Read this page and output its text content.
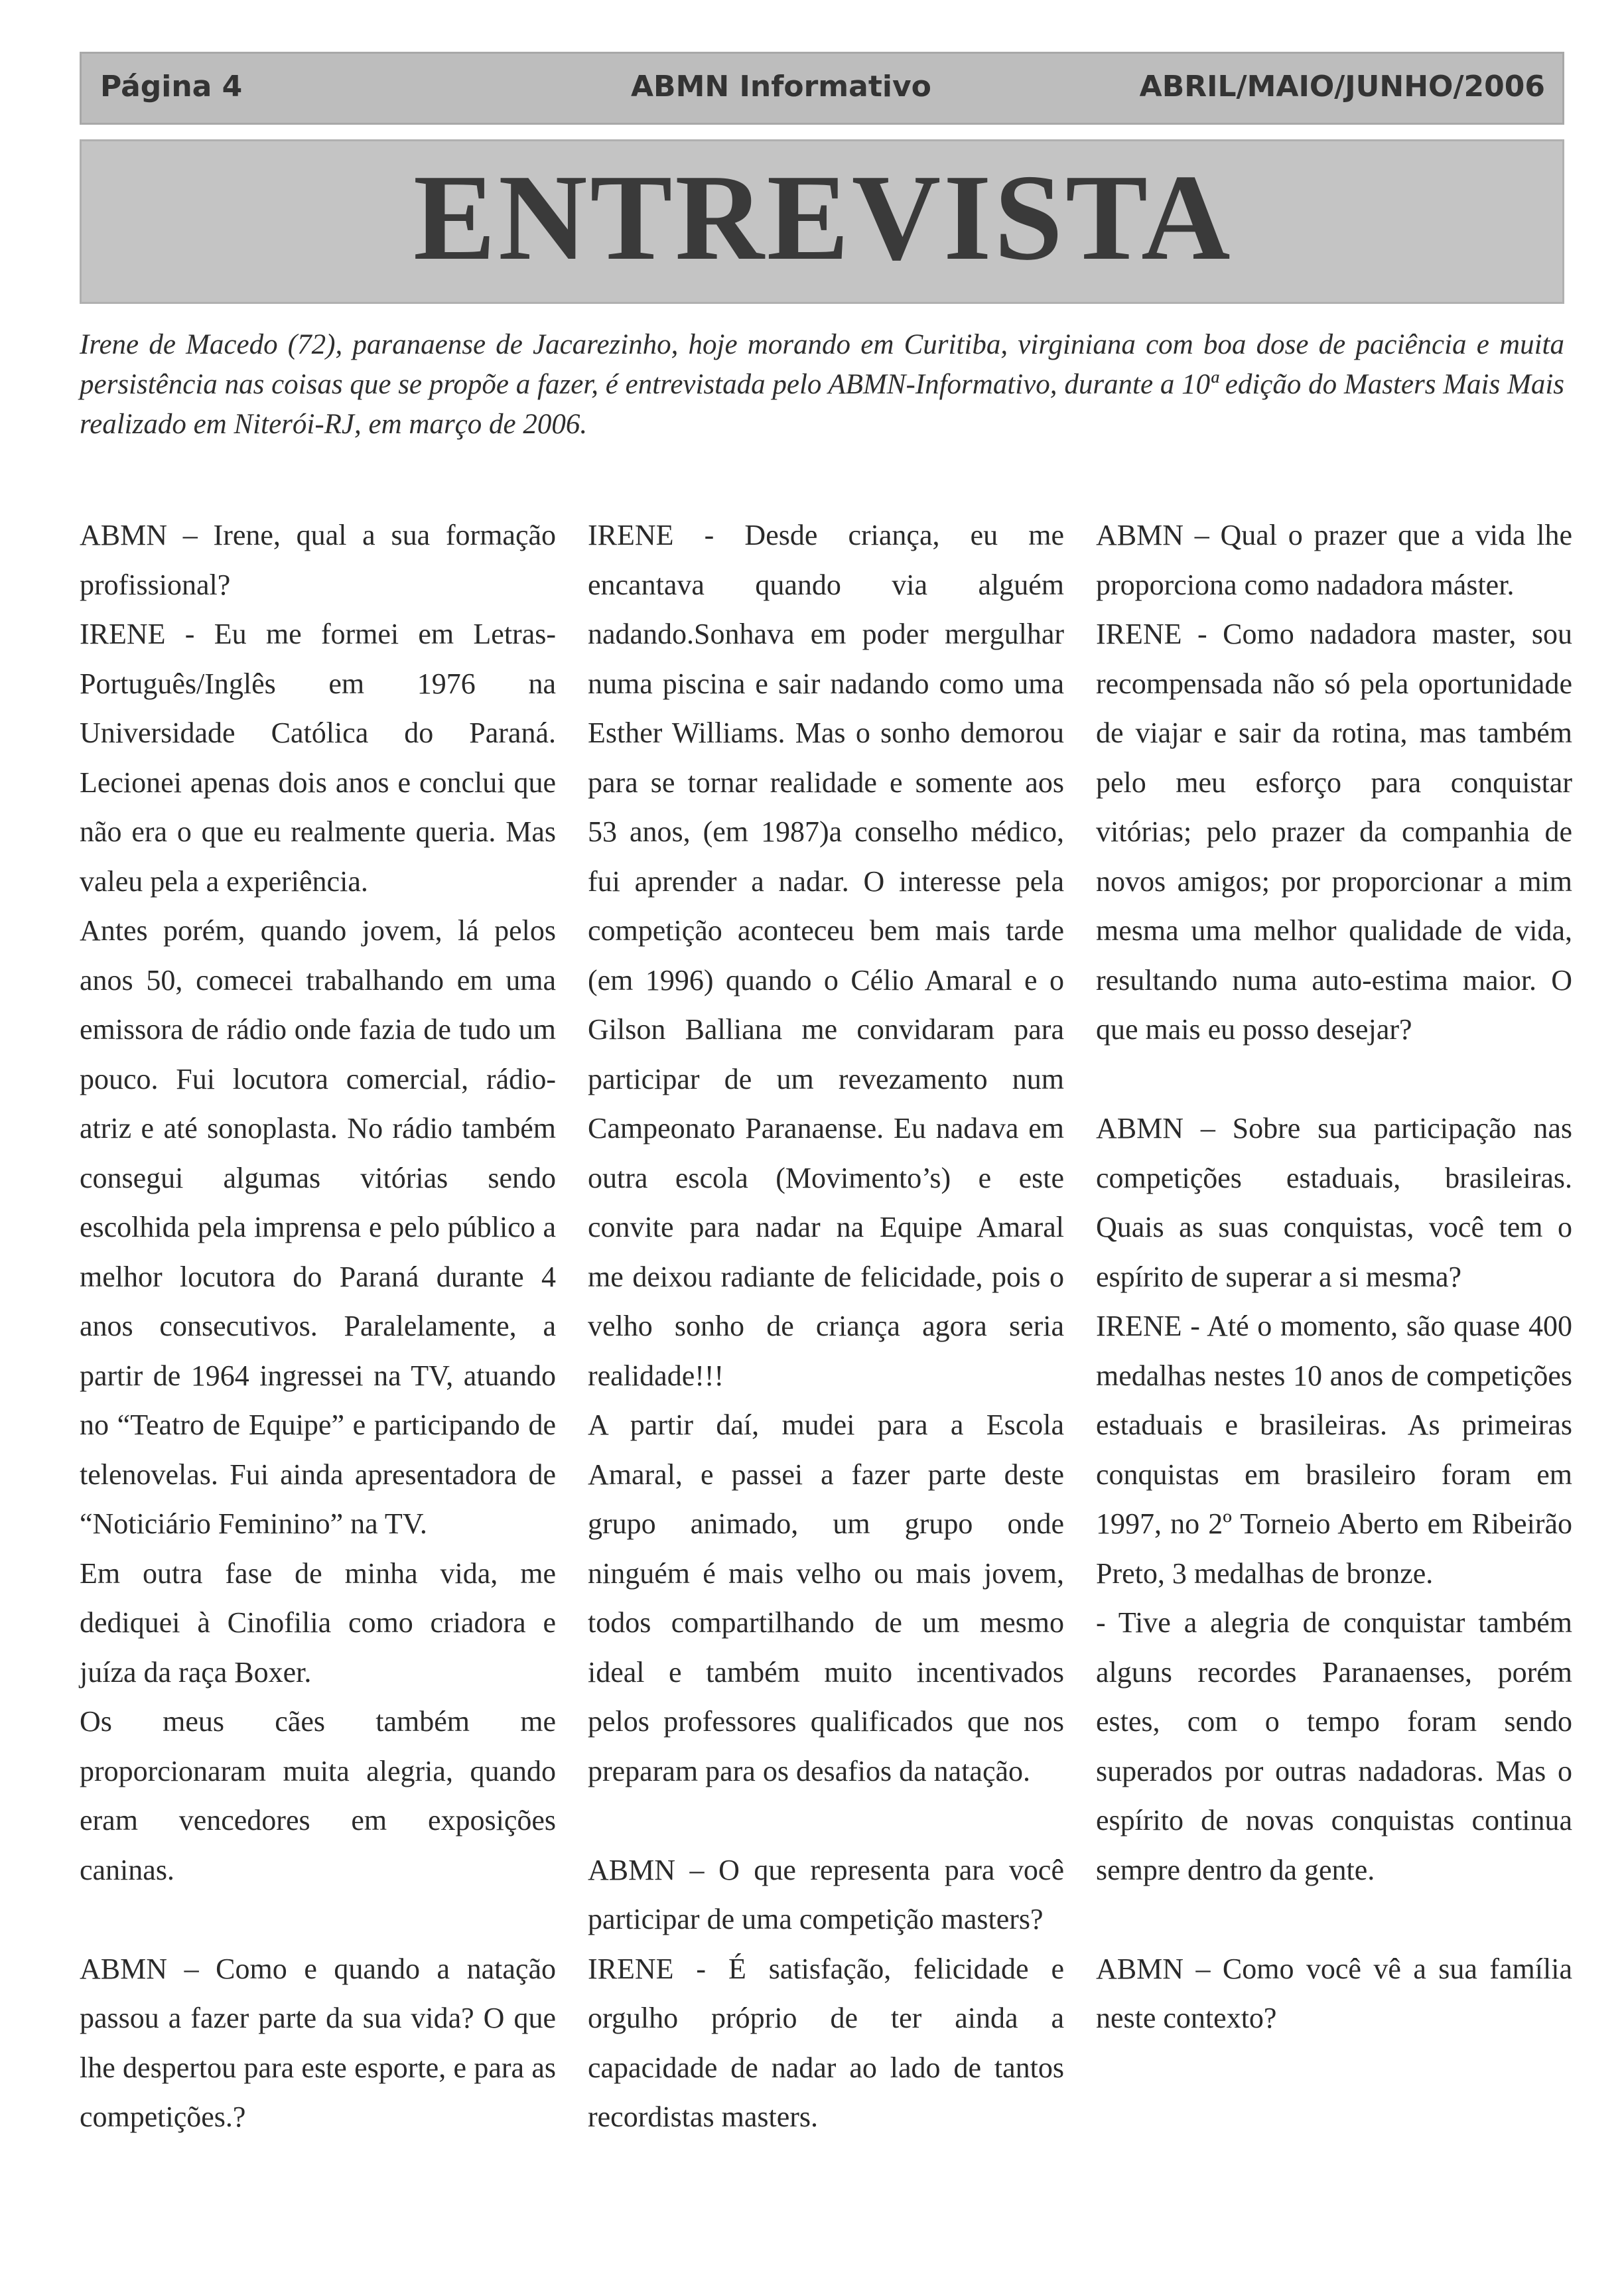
Página 4	ABMN Informativo	ABRIL/MAIO/JUNHO/2006
ENTREVISTA
Irene de Macedo (72), paranaense de Jacarezinho, hoje morando em Curitiba, virginiana com boa dose de paciência e muita persistência nas coisas que se propõe a fazer, é entrevistada pelo ABMN-Informativo, durante a 10ª edição do Masters Mais Mais realizado em Niterói-RJ, em março de 2006.

ABMN – Irene, qual a sua formação profissional?

IRENE - Eu me formei em Letras-Português/Inglês em 1976 na Universidade Católica do Paraná. Lecionei apenas dois anos e conclui que não era o que eu realmente queria. Mas valeu pela a experiência.

Antes porém, quando jovem, lá pelos anos 50, comecei trabalhando em uma emissora de rádio onde fazia de tudo um pouco. Fui locutora comercial, rádio-atriz e até sonoplasta. No rádio também consegui algumas vitórias sendo escolhida pela imprensa e pelo público a melhor locutora do Paraná durante 4 anos consecutivos. Paralelamente, a partir de 1964 ingressei na TV, atuando no “Teatro de Equipe” e participando de telenovelas. Fui ainda apresentadora de “Noticiário Feminino” na TV.

Em outra fase de minha vida, me dediquei à Cinofilia como criadora e juíza da raça Boxer.

Os meus cães também me proporcionaram muita alegria, quando eram vencedores em exposições caninas.

ABMN – Como e quando a natação passou a fazer parte da sua vida? O que lhe despertou para este esporte, e para as competições.?

IRENE - Desde criança, eu me encantava quando via alguém nadando.Sonhava em poder mergulhar numa piscina e sair nadando como uma Esther Williams. Mas o sonho demorou para se tornar realidade e somente aos 53 anos, (em 1987)a conselho médico, fui aprender a nadar. O interesse pela competição aconteceu bem mais tarde (em 1996) quando o Célio Amaral e o Gilson Balliana me convidaram para participar de um revezamento num Campeonato Paranaense. Eu nadava em outra escola (Movimento’s) e este convite para nadar na Equipe Amaral me deixou radiante de felicidade, pois o velho sonho de criança agora seria realidade!!!

A partir daí, mudei para a Escola Amaral, e passei a fazer parte deste grupo animado, um grupo onde ninguém é mais velho ou mais jovem, todos compartilhando de um mesmo ideal e também muito incentivados pelos professores qualificados que nos preparam para os desafios da natação.

ABMN – O que representa para você participar de uma competição masters?

IRENE - É satisfação, felicidade e orgulho próprio de ter ainda a capacidade de nadar ao lado de tantos recordistas masters.

ABMN – Qual o prazer que a vida lhe proporciona como nadadora máster.

IRENE - Como nadadora master, sou recompensada não só pela oportunidade de viajar e sair da rotina, mas também pelo meu esforço para conquistar vitórias; pelo prazer da companhia de novos amigos; por proporcionar a mim mesma uma melhor qualidade de vida, resultando numa auto-estima maior. O que mais eu posso desejar?

ABMN – Sobre sua participação nas competições estaduais, brasileiras. Quais as suas conquistas, você tem o espírito de superar a si mesma?

IRENE - Até o momento, são quase 400 medalhas nestes 10 anos de competições estaduais e brasileiras. As primeiras conquistas em brasileiro foram em 1997, no 2º Torneio Aberto em Ribeirão Preto, 3 medalhas de bronze.

- Tive a alegria de conquistar também alguns recordes Paranaenses, porém estes, com o tempo foram sendo superados por outras nadadoras. Mas o espírito de novas conquistas continua sempre dentro da gente.

ABMN – Como você vê a sua família neste contexto?
